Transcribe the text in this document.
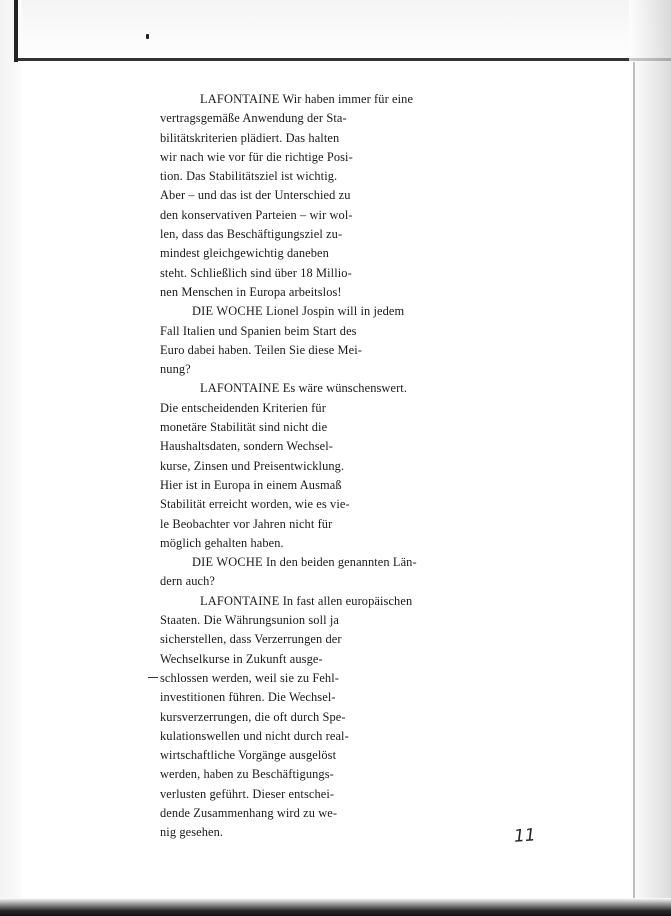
LAFONTAINE Wir haben immer für eine
vertragsgemäße Anwendung der Sta-
bilitätskriterien plädiert. Das halten
wir nach wie vor für die richtige Posi-
tion. Das Stabilitätsziel ist wichtig.
Aber – und das ist der Unterschied zu
den konservativen Parteien – wir wol-
len, dass das Beschäftigungsziel zu-
mindest gleichgewichtig daneben
steht. Schließlich sind über 18 Millio-
nen Menschen in Europa arbeitslos!
DIE WOCHE Lionel Jospin will in jedem
Fall Italien und Spanien beim Start des
Euro dabei haben. Teilen Sie diese Mei-
nung?
LAFONTAINE Es wäre wünschenswert.
Die entscheidenden Kriterien für
monetäre Stabilität sind nicht die
Haushaltsdaten, sondern Wechsel-
kurse, Zinsen und Preisentwicklung.
Hier ist in Europa in einem Ausmaß
Stabilität erreicht worden, wie es vie-
le Beobachter vor Jahren nicht für
möglich gehalten haben.
DIE WOCHE In den beiden genannten Län-
dern auch?
LAFONTAINE In fast allen europäischen
Staaten. Die Währungsunion soll ja
sicherstellen, dass Verzerrungen der
Wechselkurse in Zukunft ausge-
schlossen werden, weil sie zu Fehl-
investitionen führen. Die Wechsel-
kursverzerrungen, die oft durch Spe-
kulationswellen und nicht durch real-
wirtschaftliche Vorgänge ausgelöst
werden, haben zu Beschäftigungs-
verlusten geführt. Dieser entschei-
dende Zusammenhang wird zu we-
nig gesehen.	11
